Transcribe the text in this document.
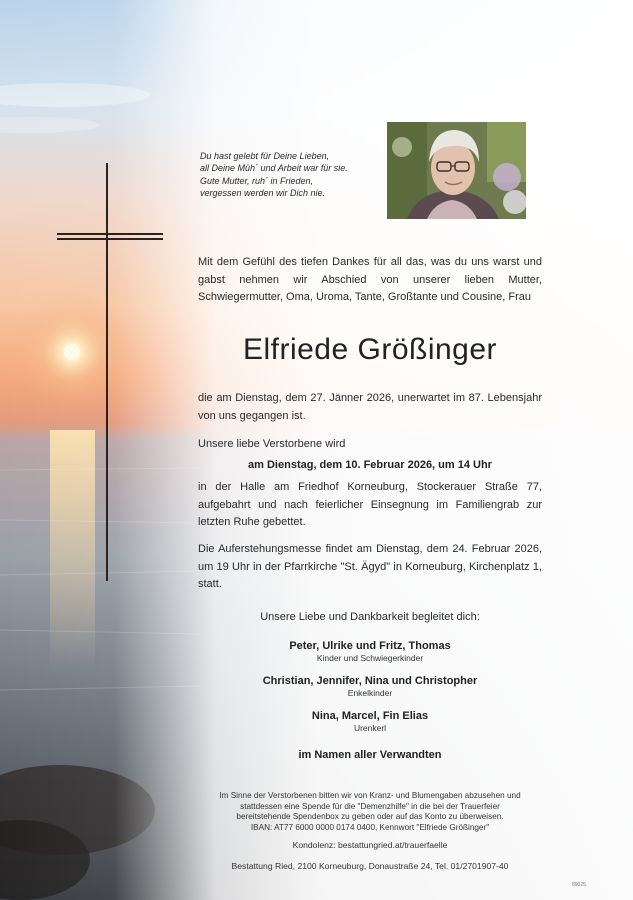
Du hast gelebt für Deine Lieben,
all Deine Müh´ und Arbeit war für sie.
Gute Mutter, ruh´ in Frieden,
vergessen werden wir Dich nie.
Mit dem Gefühl des tiefen Dankes für all das, was du uns warst und gabst nehmen wir Abschied von unserer lieben Mutter, Schwiegermutter, Oma, Uroma, Tante, Großtante und Cousine, Frau
Elfriede Größinger
die am Dienstag, dem 27. Jänner 2026, unerwartet im 87. Lebensjahr von uns gegangen ist.
Unsere liebe Verstorbene wird
am Dienstag, dem 10. Februar 2026, um 14 Uhr
in der Halle am Friedhof Korneuburg, Stockerauer Straße 77, aufgebahrt und nach feierlicher Einsegnung im Familiengrab zur letzten Ruhe gebettet.
Die Auferstehungsmesse findet am Dienstag, dem 24. Februar 2026, um 19 Uhr in der Pfarrkirche "St. Ägyd" in Korneuburg, Kirchenplatz 1, statt.
Unsere Liebe und Dankbarkeit begleitet dich:
Peter, Ulrike und Fritz, Thomas
Kinder und Schwiegerkinder
Christian, Jennifer, Nina und Christopher
Enkelkinder
Nina, Marcel, Fin Elias
Urenkerl
im Namen aller Verwandten
Im Sinne der Verstorbenen bitten wir von Kranz- und Blumengaben abzusehen und
stattdessen eine Spende für die "Demenzhilfe" in die bei der Trauerfeier
bereitstehende Spendenbox zu geben oder auf das Konto zu überweisen.
IBAN: AT77 6000 0000 0174 0400, Kennwort "Elfriede Größinger"
Kondolenz: bestattungried.at/trauerfaelle
Bestattung Ried, 2100 Korneuburg, Donaustraße 24, Tel. 01/2701907-40
89025
